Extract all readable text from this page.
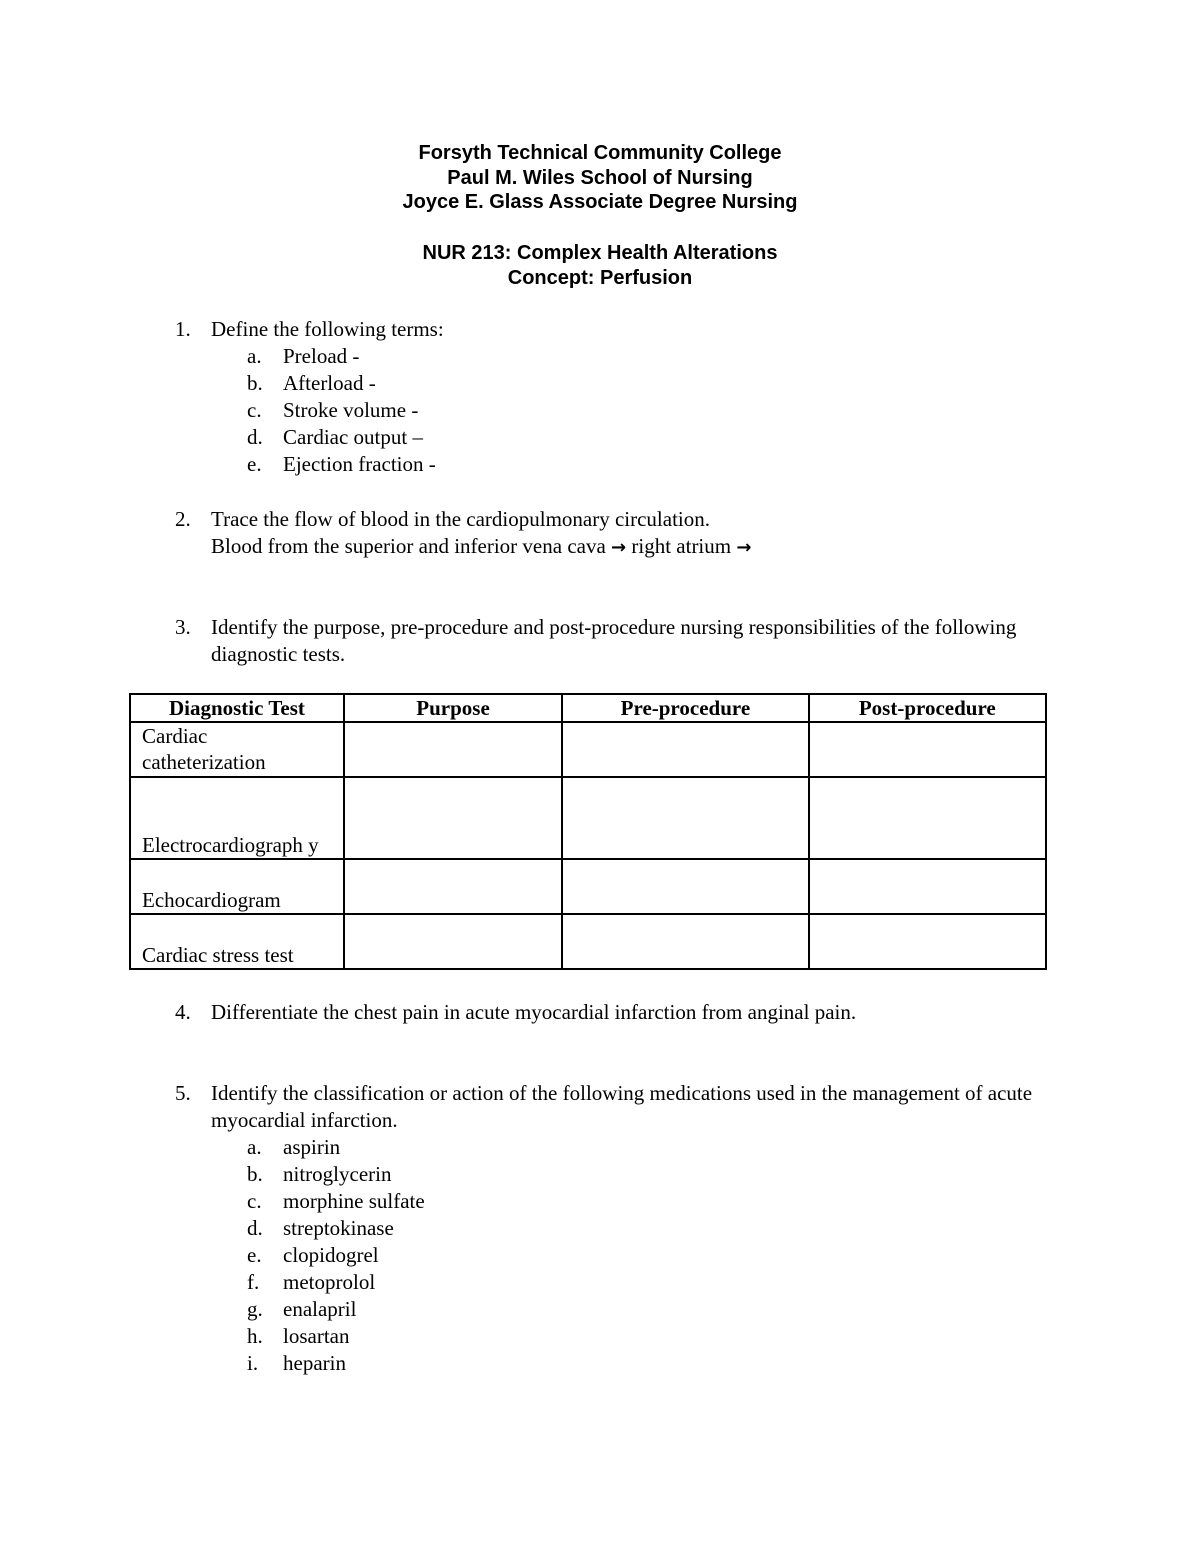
Forsyth Technical Community College
Paul M. Wiles School of Nursing
Joyce E. Glass Associate Degree Nursing
NUR 213: Complex Health Alterations
Concept: Perfusion
1. Define the following terms:
a. Preload -
b. Afterload -
c. Stroke volume -
d. Cardiac output –
e. Ejection fraction -
2. Trace the flow of blood in the cardiopulmonary circulation.
Blood from the superior and inferior vena cava → right atrium →
3. Identify the purpose, pre-procedure and post-procedure nursing responsibilities of the following diagnostic tests.
Diagnostic Test	Purpose	Pre-procedure	Post-procedure
Cardiac catheterization			
Electrocardiograph y			
Echocardiogram			
Cardiac stress test			
4. Differentiate the chest pain in acute myocardial infarction from anginal pain.
5. Identify the classification or action of the following medications used in the management of acute myocardial infarction.
a. aspirin
b. nitroglycerin
c. morphine sulfate
d. streptokinase
e. clopidogrel
f. metoprolol
g. enalapril
h. losartan
i. heparin
